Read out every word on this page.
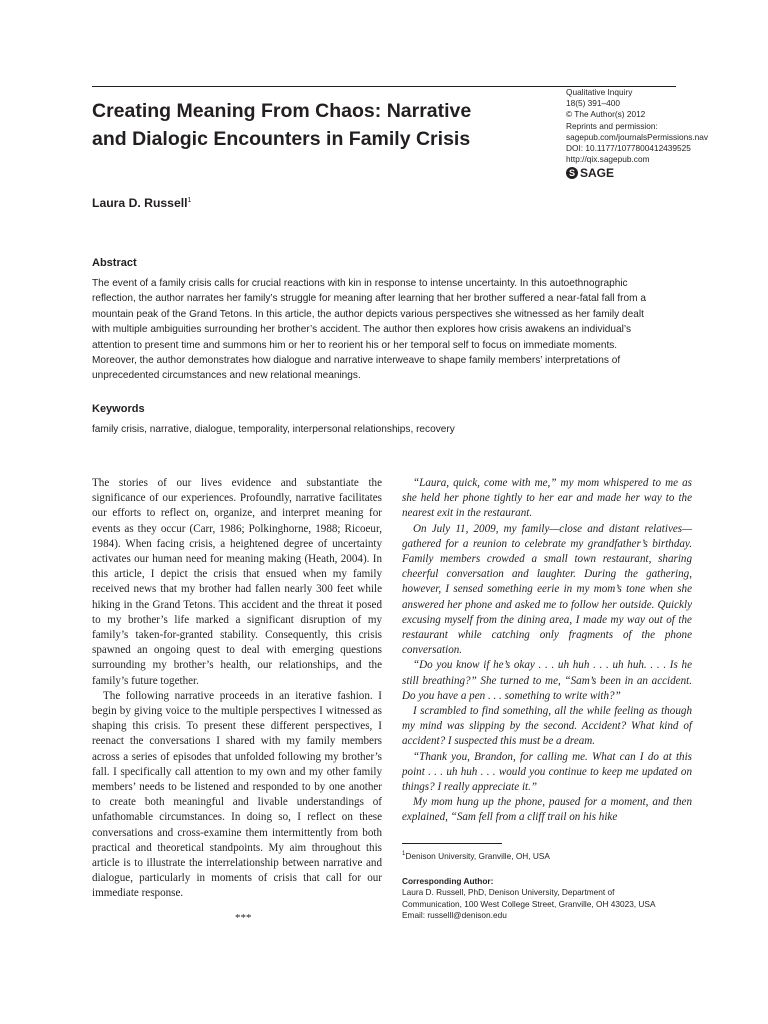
Creating Meaning From Chaos: Narrative
and Dialogic Encounters in Family Crisis
Qualitative Inquiry
18(5) 391–400
© The Author(s) 2012
Reprints and permission:
sagepub.com/journalsPermissions.nav
DOI: 10.1177/1077800412439525
http://qix.sagepub.com
S SAGE
Laura D. Russell$^1$
Abstract
The event of a family crisis calls for crucial reactions with kin in response to intense uncertainty. In this autoethnographic
reflection, the author narrates her family’s struggle for meaning after learning that her brother suffered a near-fatal fall from a
mountain peak of the Grand Tetons. In this article, the author depicts various perspectives she witnessed as her family dealt
with multiple ambiguities surrounding her brother’s accident. The author then explores how crisis awakens an individual’s
attention to present time and summons him or her to reorient his or her temporal self to focus on immediate moments.
Moreover, the author demonstrates how dialogue and narrative interweave to shape family members’ interpretations of
unprecedented circumstances and new relational meanings.
Keywords
family crisis, narrative, dialogue, temporality, interpersonal relationships, recovery

The stories of our lives evidence and substantiate the significance of our experiences. Profoundly, narrative facilitates our efforts to reflect on, organize, and interpret meaning for events as they occur (Carr, 1986; Polkinghorne, 1988; Ricoeur, 1984). When facing crisis, a heightened degree of uncertainty activates our human need for meaning making (Heath, 2004). In this article, I depict the crisis that ensued when my family received news that my brother had fallen nearly 300 feet while hiking in the Grand Tetons. This accident and the threat it posed to my brother’s life marked a significant disruption of my family’s taken-for-granted stability. Consequently, this crisis spawned an ongoing quest to deal with emerging questions surrounding my brother’s health, our relationships, and the family’s future together.

The following narrative proceeds in an iterative fashion. I begin by giving voice to the multiple perspectives I witnessed as shaping this crisis. To present these different perspectives, I reenact the conversations I shared with my family members across a series of episodes that unfolded following my brother’s fall. I specifically call attention to my own and my other family members’ needs to be listened and responded to by one another to create both meaningful and livable understandings of unfathomable circumstances. In doing so, I reflect on these conversations and cross-examine them intermittently from both practical and theoretical standpoints. My aim throughout this article is to illustrate the interrelationship between narrative and dialogue, particularly in moments of crisis that call for our immediate response.

***

“Laura, quick, come with me,” my mom whispered to me as she held her phone tightly to her ear and made her way to the nearest exit in the restaurant.

On July 11, 2009, my family—close and distant relatives—gathered for a reunion to celebrate my grandfather’s birthday. Family members crowded a small town restaurant, sharing cheerful conversation and laughter. During the gathering, however, I sensed something eerie in my mom’s tone when she answered her phone and asked me to follow her outside. Quickly excusing myself from the dining area, I made my way out of the restaurant while catching only fragments of the phone conversation.

“Do you know if he’s okay . . . uh huh . . . uh huh. . . . Is he still breathing?” She turned to me, “Sam’s been in an accident. Do you have a pen . . . something to write with?”

I scrambled to find something, all the while feeling as though my mind was slipping by the second. Accident? What kind of accident? I suspected this must be a dream.

“Thank you, Brandon, for calling me. What can I do at this point . . . uh huh . . . would you continue to keep me updated on things? I really appreciate it.”

My mom hung up the phone, paused for a moment, and then explained, “Sam fell from a cliff trail on his hike

$^1$Denison University, Granville, OH, USA
Corresponding Author:
Laura D. Russell, PhD, Denison University, Department of
Communication, 100 West College Street, Granville, OH 43023, USA
Email: russelll@denison.edu
